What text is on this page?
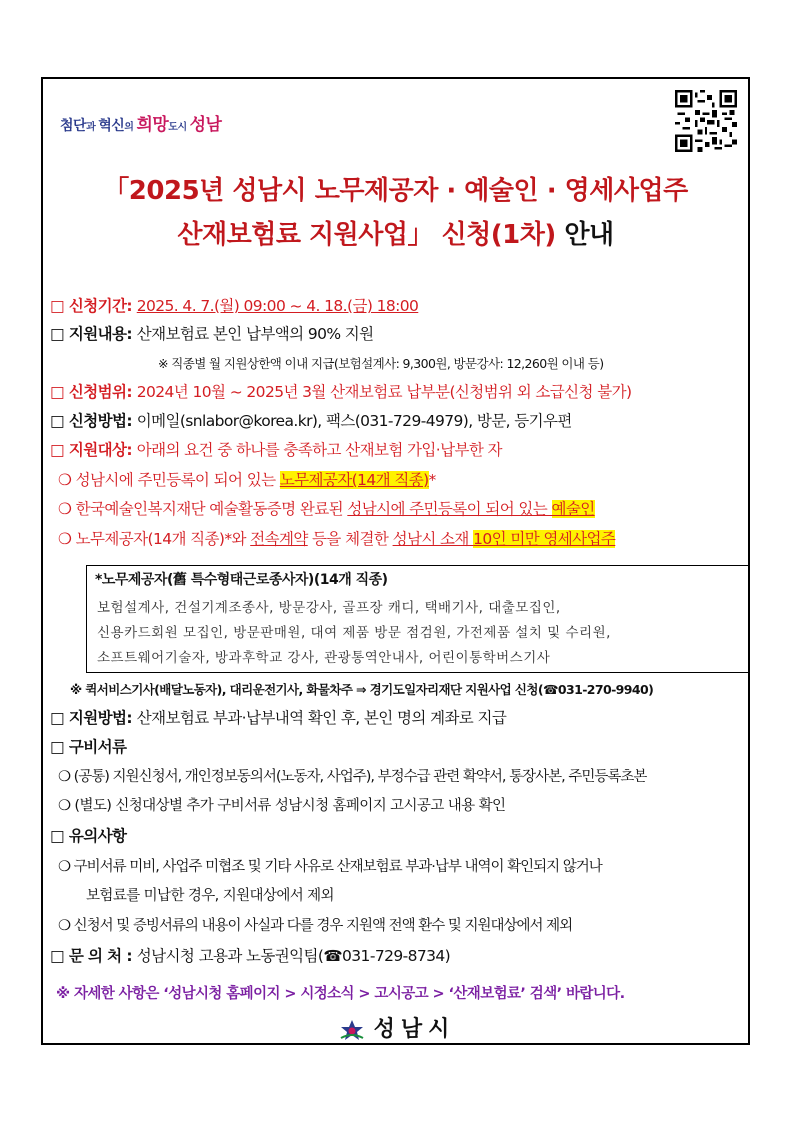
첨단과 혁신의 희망도시 성남
「2025년 성남시 노무제공자 · 예술인 · 영세사업주
산재보험료 지원사업」 신청(1차) 안내
□ 신청기간: 2025. 4. 7.(월) 09:00 ~ 4. 18.(금) 18:00
□ 지원내용: 산재보험료 본인 납부액의 90% 지원
※ 직종별 월 지원상한액 이내 지급(보험설계사: 9,300원, 방문강사: 12,260원 이내 등)
□ 신청범위: 2024년 10월 ~ 2025년 3월 산재보험료 납부분(신청범위 외 소급신청 불가)
□ 신청방법: 이메일(snlabor@korea.kr), 팩스(031-729-4979), 방문, 등기우편
□ 지원대상: 아래의 요건 중 하나를 충족하고 산재보험 가입·납부한 자
❍ 성남시에 주민등록이 되어 있는 노무제공자(14개 직종)*
❍ 한국예술인복지재단 예술활동증명 완료된 성남시에 주민등록이 되어 있는 예술인
❍ 노무제공자(14개 직종)*와 전속계약 등을 체결한 성남시 소재 10인 미만 영세사업주
*노무제공자(舊 특수형태근로종사자)(14개 직종)
보험설계사, 건설기계조종사, 방문강사, 골프장 캐디, 택배기사, 대출모집인,
신용카드회원 모집인, 방문판매원, 대여 제품 방문 점검원, 가전제품 설치 및 수리원,
소프트웨어기술자, 방과후학교 강사, 관광통역안내사, 어린이통학버스기사
※ 퀵서비스기사(배달노동자), 대리운전기사, 화물차주 ⇒ 경기도일자리재단 지원사업 신청(☎031-270-9940)
□ 지원방법: 산재보험료 부과·납부내역 확인 후, 본인 명의 계좌로 지급
□ 구비서류
❍ (공통) 지원신청서, 개인정보동의서(노동자, 사업주), 부정수급 관련 확약서, 통장사본, 주민등록초본
❍ (별도) 신청대상별 추가 구비서류 성남시청 홈페이지 고시공고 내용 확인
□ 유의사항
❍ 구비서류 미비, 사업주 미협조 및 기타 사유로 산재보험료 부과·납부 내역이 확인되지 않거나
보험료를 미납한 경우, 지원대상에서 제외
❍ 신청서 및 증빙서류의 내용이 사실과 다를 경우 지원액 전액 환수 및 지원대상에서 제외
□ 문 의 처 : 성남시청 고용과 노동권익팀(☎031-729-8734)
※ 자세한 사항은 ‘성남시청 홈페이지 > 시정소식 > 고시공고 > ‘산재보험료’ 검색’ 바랍니다.
성남시
